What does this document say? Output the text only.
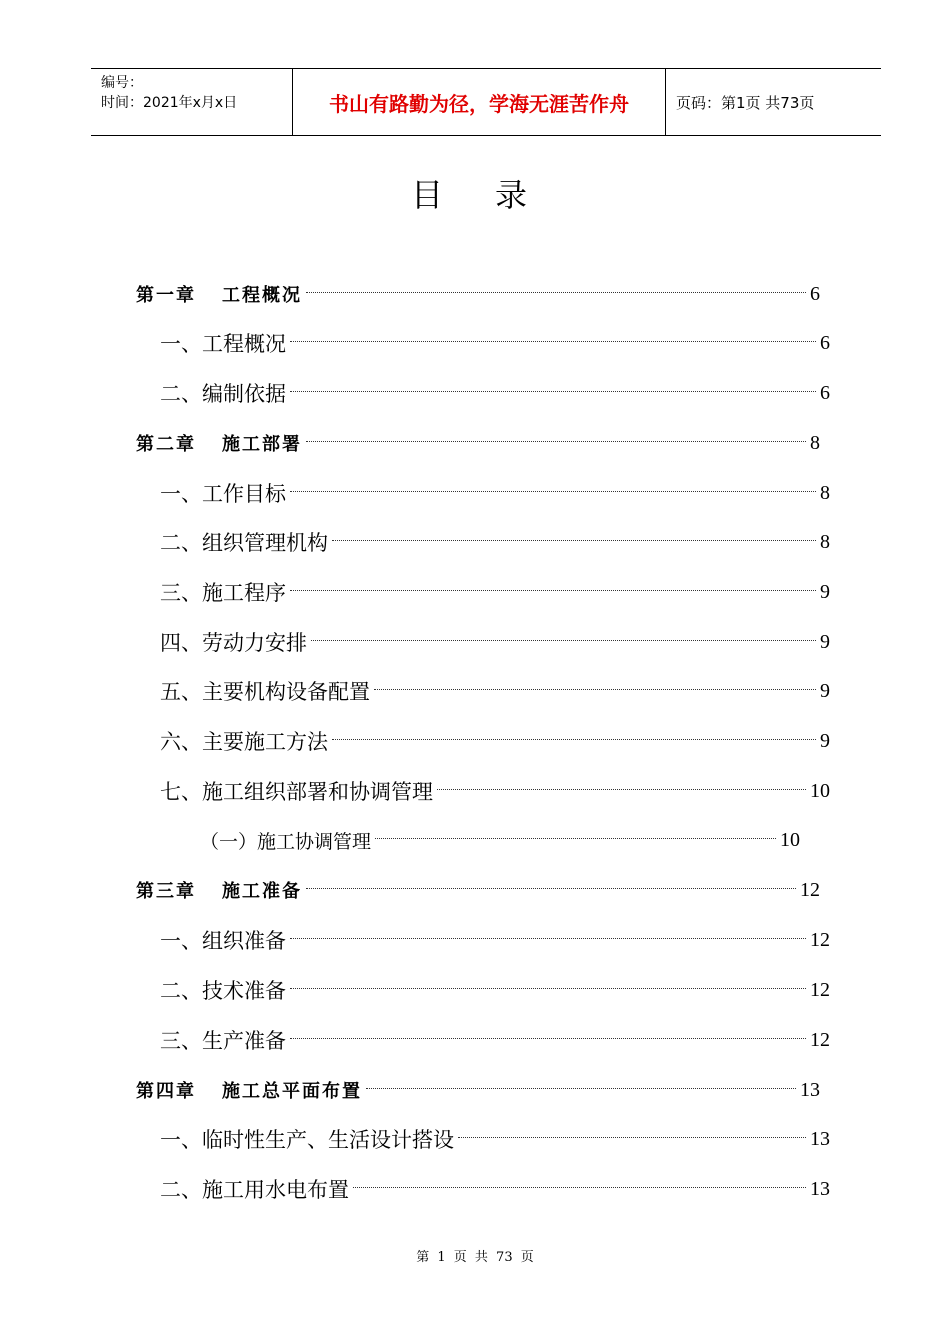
编号：
时间：2021年x月x日	书山有路勤为径，学海无涯苦作舟	页码：第1页 共73页
目录
第一章 工程概况	6
一、工程概况	6
二、编制依据	6
第二章 施工部署	8
一、工作目标	8
二、组织管理机构	8
三、施工程序	9
四、劳动力安排	9
五、主要机构设备配置	9
六、主要施工方法	9
七、施工组织部署和协调管理	10
（一）施工协调管理	10
第三章 施工准备	12
一、组织准备	12
二、技术准备	12
三、生产准备	12
第四章 施工总平面布置	13
一、临时性生产、生活设计搭设	13
二、施工用水电布置	13
第 1 页 共 73 页
